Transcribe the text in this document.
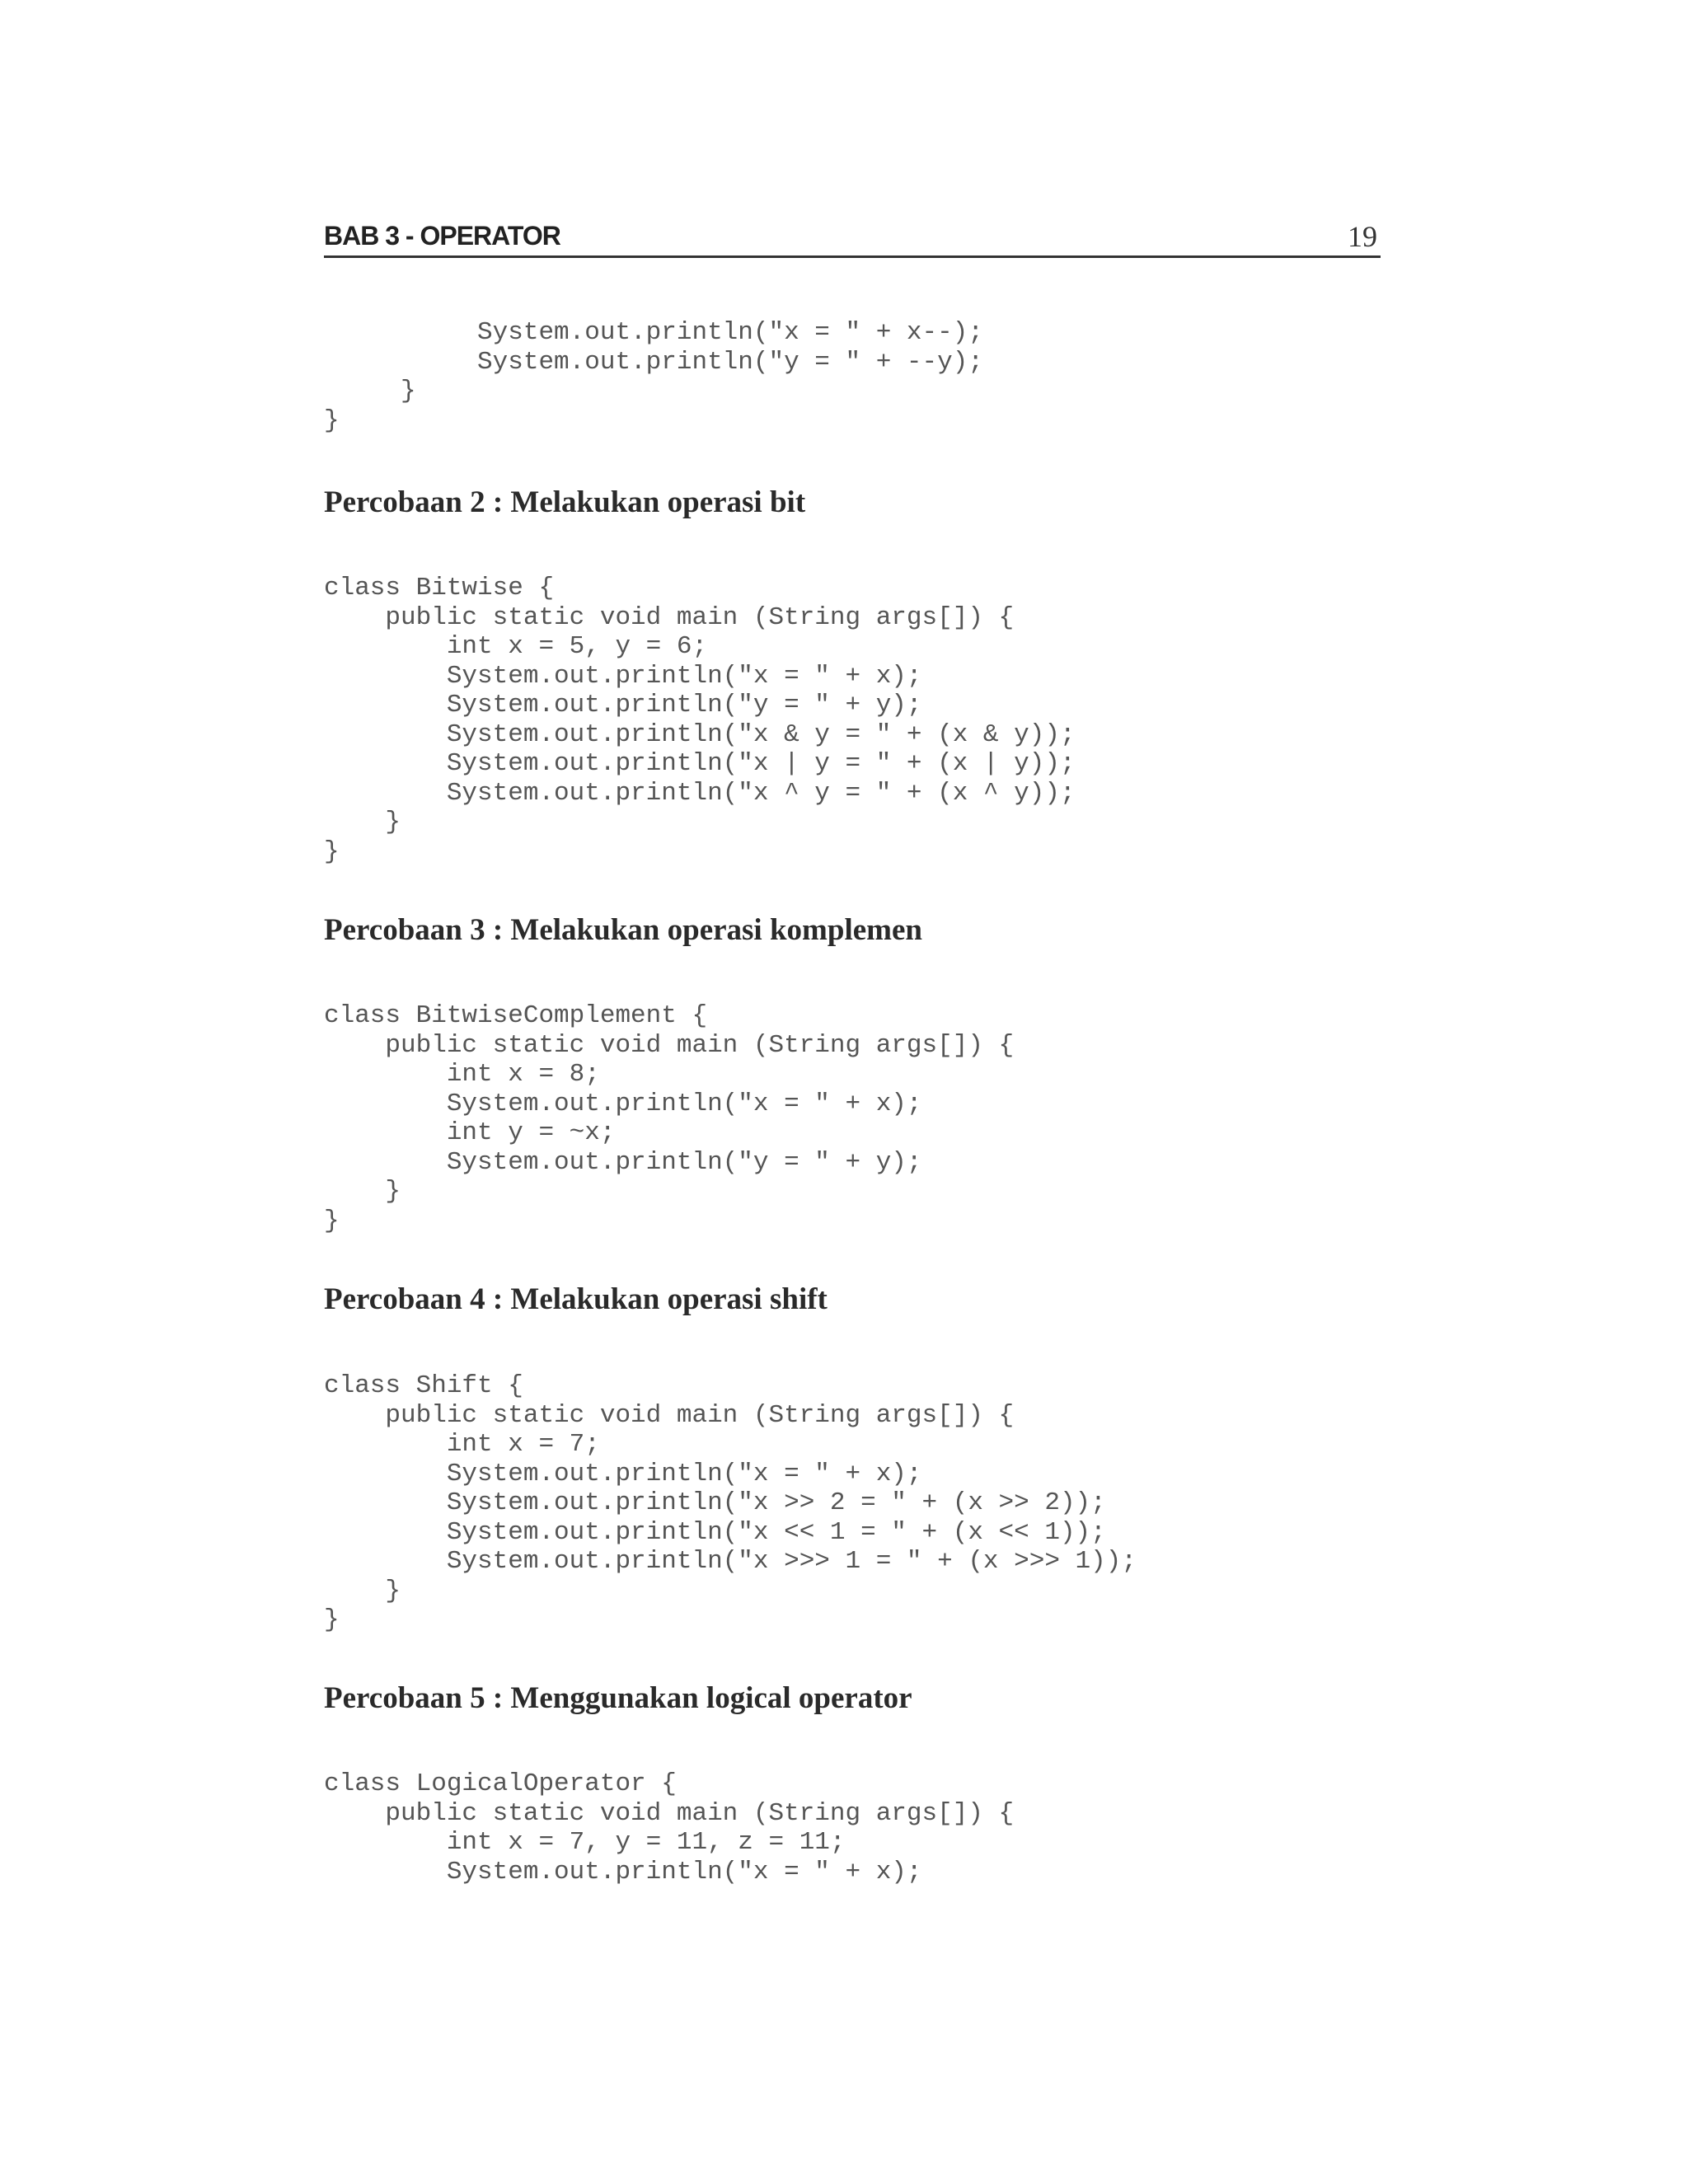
BAB 3 - OPERATOR	19
System.out.println("x = " + x--);
System.out.println("y = " + --y);
}
}
Percobaan 2 : Melakukan operasi bit
class Bitwise {
public static void main (String args[]) {
int x = 5, y = 6;
System.out.println("x = " + x);
System.out.println("y = " + y);
System.out.println("x & y = " + (x & y));
System.out.println("x | y = " + (x | y));
System.out.println("x ^ y = " + (x ^ y));
}
}
Percobaan 3 : Melakukan operasi komplemen
class BitwiseComplement {
public static void main (String args[]) {
int x = 8;
System.out.println("x = " + x);
int y = ~x;
System.out.println("y = " + y);
}
}
Percobaan 4 : Melakukan operasi shift
class Shift {
public static void main (String args[]) {
int x = 7;
System.out.println("x = " + x);
System.out.println("x >> 2 = " + (x >> 2));
System.out.println("x << 1 = " + (x << 1));
System.out.println("x >>> 1 = " + (x >>> 1));
}
}
Percobaan 5 : Menggunakan logical operator
class LogicalOperator {
public static void main (String args[]) {
int x = 7, y = 11, z = 11;
System.out.println("x = " + x);
